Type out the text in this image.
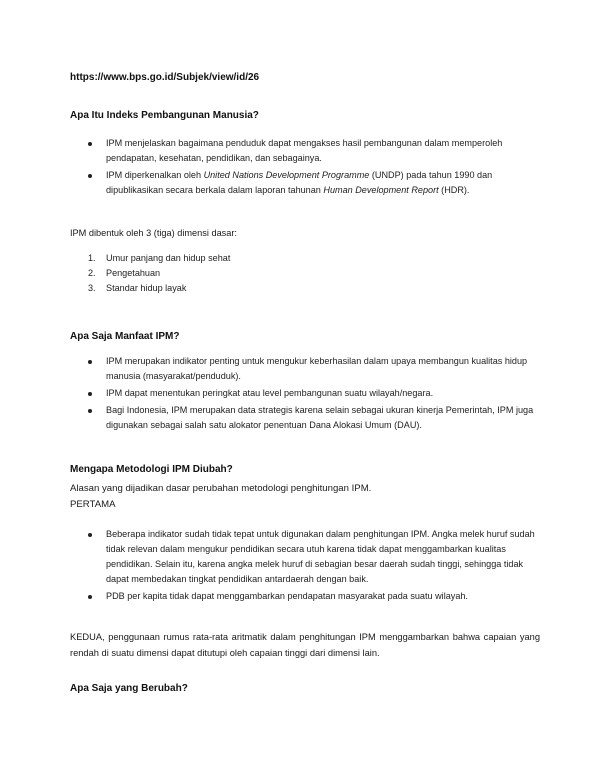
https://www.bps.go.id/Subjek/view/id/26
Apa Itu Indeks Pembangunan Manusia?
IPM menjelaskan bagaimana penduduk dapat mengakses hasil pembangunan dalam memperoleh pendapatan, kesehatan, pendidikan, dan sebagainya.
IPM diperkenalkan oleh United Nations Development Programme (UNDP) pada tahun 1990 dan dipublikasikan secara berkala dalam laporan tahunan Human Development Report (HDR).
IPM dibentuk oleh 3 (tiga) dimensi dasar:
1. Umur panjang dan hidup sehat
2. Pengetahuan
3. Standar hidup layak
Apa Saja Manfaat IPM?
IPM merupakan indikator penting untuk mengukur keberhasilan dalam upaya membangun kualitas hidup manusia (masyarakat/penduduk).
IPM dapat menentukan peringkat atau level pembangunan suatu wilayah/negara.
Bagi Indonesia, IPM merupakan data strategis karena selain sebagai ukuran kinerja Pemerintah, IPM juga digunakan sebagai salah satu alokator penentuan Dana Alokasi Umum (DAU).
Mengapa Metodologi IPM Diubah?
Alasan yang dijadikan dasar perubahan metodologi penghitungan IPM.
PERTAMA
Beberapa indikator sudah tidak tepat untuk digunakan dalam penghitungan IPM. Angka melek huruf sudah tidak relevan dalam mengukur pendidikan secara utuh karena tidak dapat menggambarkan kualitas pendidikan. Selain itu, karena angka melek huruf di sebagian besar daerah sudah tinggi, sehingga tidak dapat membedakan tingkat pendidikan antardaerah dengan baik.
PDB per kapita tidak dapat menggambarkan pendapatan masyarakat pada suatu wilayah.
KEDUA, penggunaan rumus rata-rata aritmatik dalam penghitungan IPM menggambarkan bahwa capaian yang rendah di suatu dimensi dapat ditutupi oleh capaian tinggi dari dimensi lain.
Apa Saja yang Berubah?
